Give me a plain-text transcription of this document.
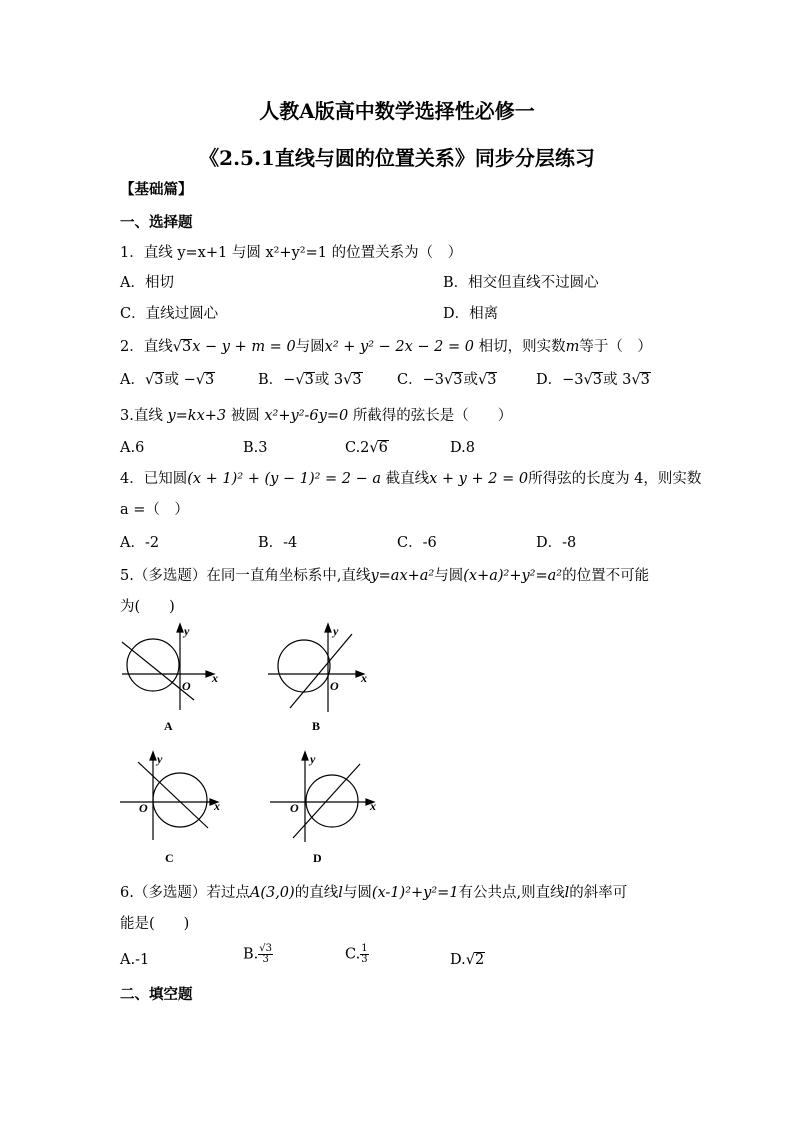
人教A版高中数学选择性必修一
《2.5.1直线与圆的位置关系》同步分层练习
【基础篇】
一、选择题
1．直线 y=x+1 与圆 x²+y²=1 的位置关系为（　）
A．相切	B．相交但直线不过圆心
C．直线过圆心	D．相离
2．直线√3x − y + m = 0与圆x² + y² − 2x − 2 = 0 相切，则实数m等于（　）
A．√3或 −√3	B．−√3或 3√3 C．−3√3或√3	D．−3√3或 3√3
3.直线 y=kx+3 被圆 x²+y²-6y=0 所截得的弦长是（　　）
A.6	B.3	C.2√6	D.8
4．已知圆(x + 1)² + (y − 1)² = 2 − a 截直线x + y + 2 = 0所得弦的长度为 4，则实数
a =（　）
A．-2	B．-4	C．-6	D．-8
5.（多选题）在同一直角坐标系中,直线y=ax+a²与圆(x+a)²+y²=a²的位置不可能
为(　　)
y
x
O
y
x
O
y
x
O
y
x
O
A	B
C	D
6.（多选题）若过点A(3,0)的直线l与圆(x-1)²+y²=1有公共点,则直线l的斜率可
能是(　　)
A.-1	B. $\frac{√3}{3}$	C. $\frac{1}{3}$	D.√2
二、填空题
